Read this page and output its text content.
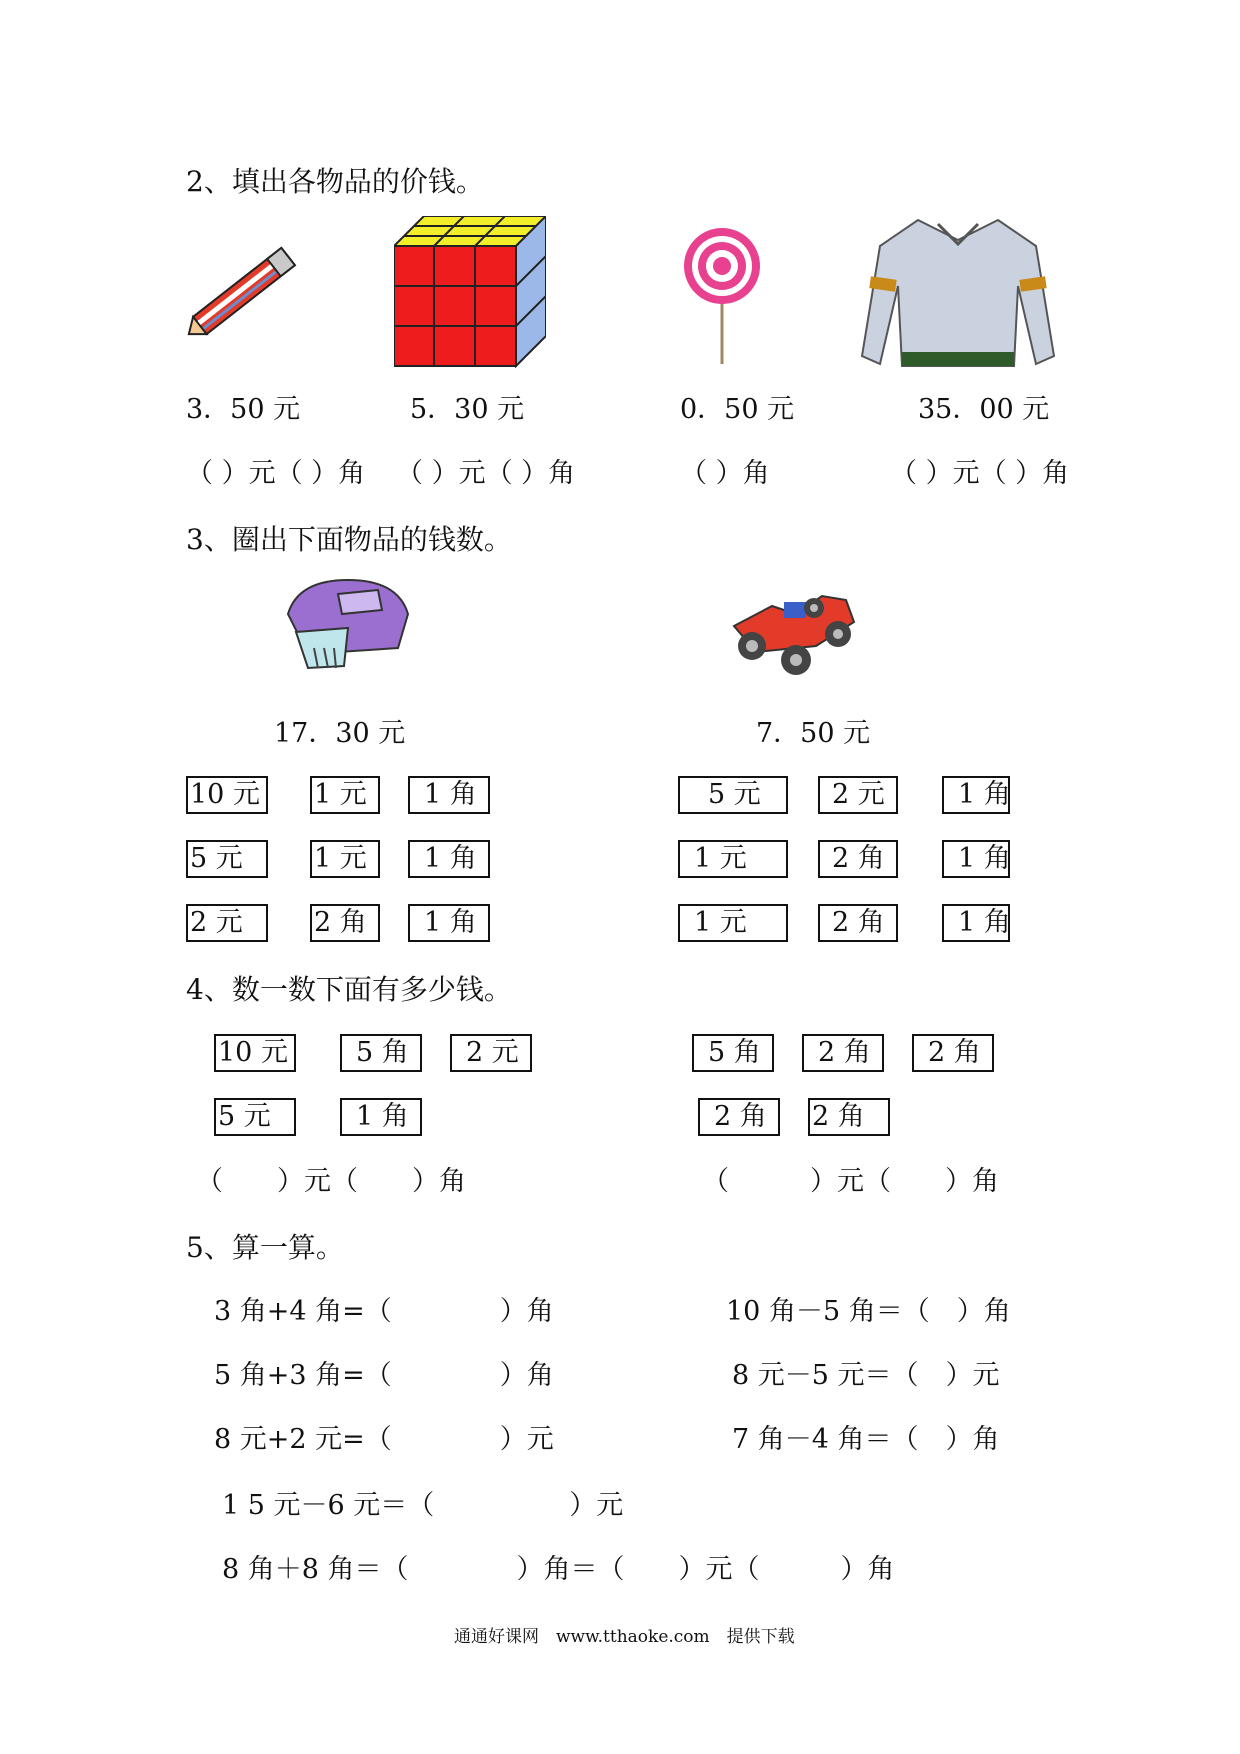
2、填出各物品的价钱。
3．50 元	5．30 元	0．50 元	35．00 元
（ ）元（ ）角 （ ）元（ ）角	（ ）角	（ ）元（ ）角
3、圈出下面物品的钱数。
17．30 元	7．50 元
10 元 1 元	1 角
5 元	1 元	1 角
2 元	2 角	1 角
5 元	2 元	1 角
1 元	2 角	1 角
1 元	2 角	1 角
4、数一数下面有多少钱。
10 元	5 角	2 元
5 元	1 角
5 角	2 角	2 角
2 角	2 角
（　　）元（　　）角	（　　　）元（　　）角
5、算一算。
3 角+4 角=（　　　　）角
5 角+3 角=（　　　　）角
8 元+2 元=（　　　　）元
10 角－5 角＝（　）角
8 元－5 元＝（　）元
7 角－4 角＝（　）角
1 5 元－6 元＝（　　　　　）元
8 角＋8 角＝（　　　　）角＝（　　）元（　　　）角
通通好课网　www.tthaoke.com　提供下载
